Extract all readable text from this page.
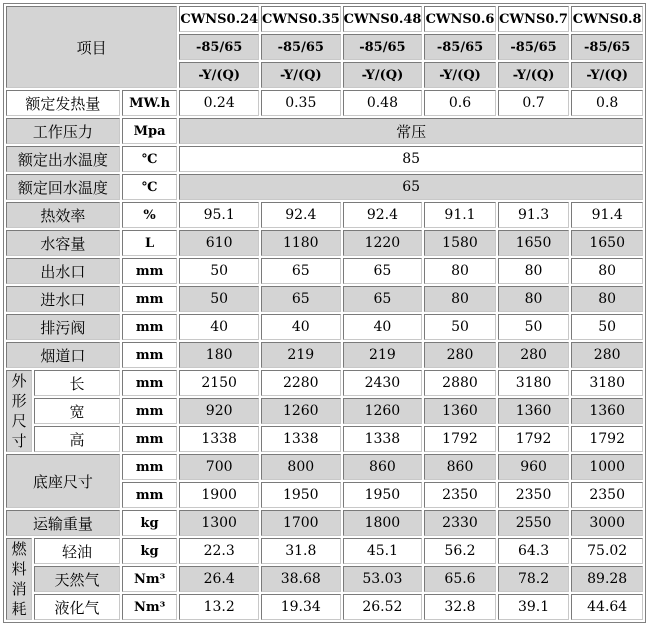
项目			CWNS0.24	CWNS0.35	CWNS0.48	CWNS0.6	CWNS0.7	CWNS0.8
			-85/65	-85/65	-85/65	-85/65	-85/65	-85/65
			-Y/(Q)	-Y/(Q)	-Y/(Q)	-Y/(Q)	-Y/(Q)	-Y/(Q)
额定发热量		MW.h	0.24	0.35	0.48	0.6	0.7	0.8
工作压力		Mpa	常压					
额定出水温度		℃	85					
额定回水温度		℃	65					
热效率		%	95.1	92.4	92.4	91.1	91.3	91.4
水容量		L	610	1180	1220	1580	1650	1650
出水口		mm	50	65	65	80	80	80
进水口		mm	50	65	65	80	80	80
排污阀		mm	40	40	40	50	50	50
烟道口		mm	180	219	219	280	280	280

外
形
尺
寸	长	mm	2150	2280	2430	2880	3180	3180
	宽	mm	920	1260	1260	1360	1360	1360
	高	mm	1338	1338	1338	1792	1792	1792
底座尺寸		mm	700	800	860	860	960	1000
		mm	1900	1950	1950	2350	2350	2350
运输重量		kg	1300	1700	1800	2330	2550	3000

燃
料
消
耗	轻油	kg	22.3	31.8	45.1	56.2	64.3	75.02
	天然气	Nm³	26.4	38.68	53.03	65.6	78.2	89.28
	液化气	Nm³	13.2	19.34	26.52	32.8	39.1	44.64
